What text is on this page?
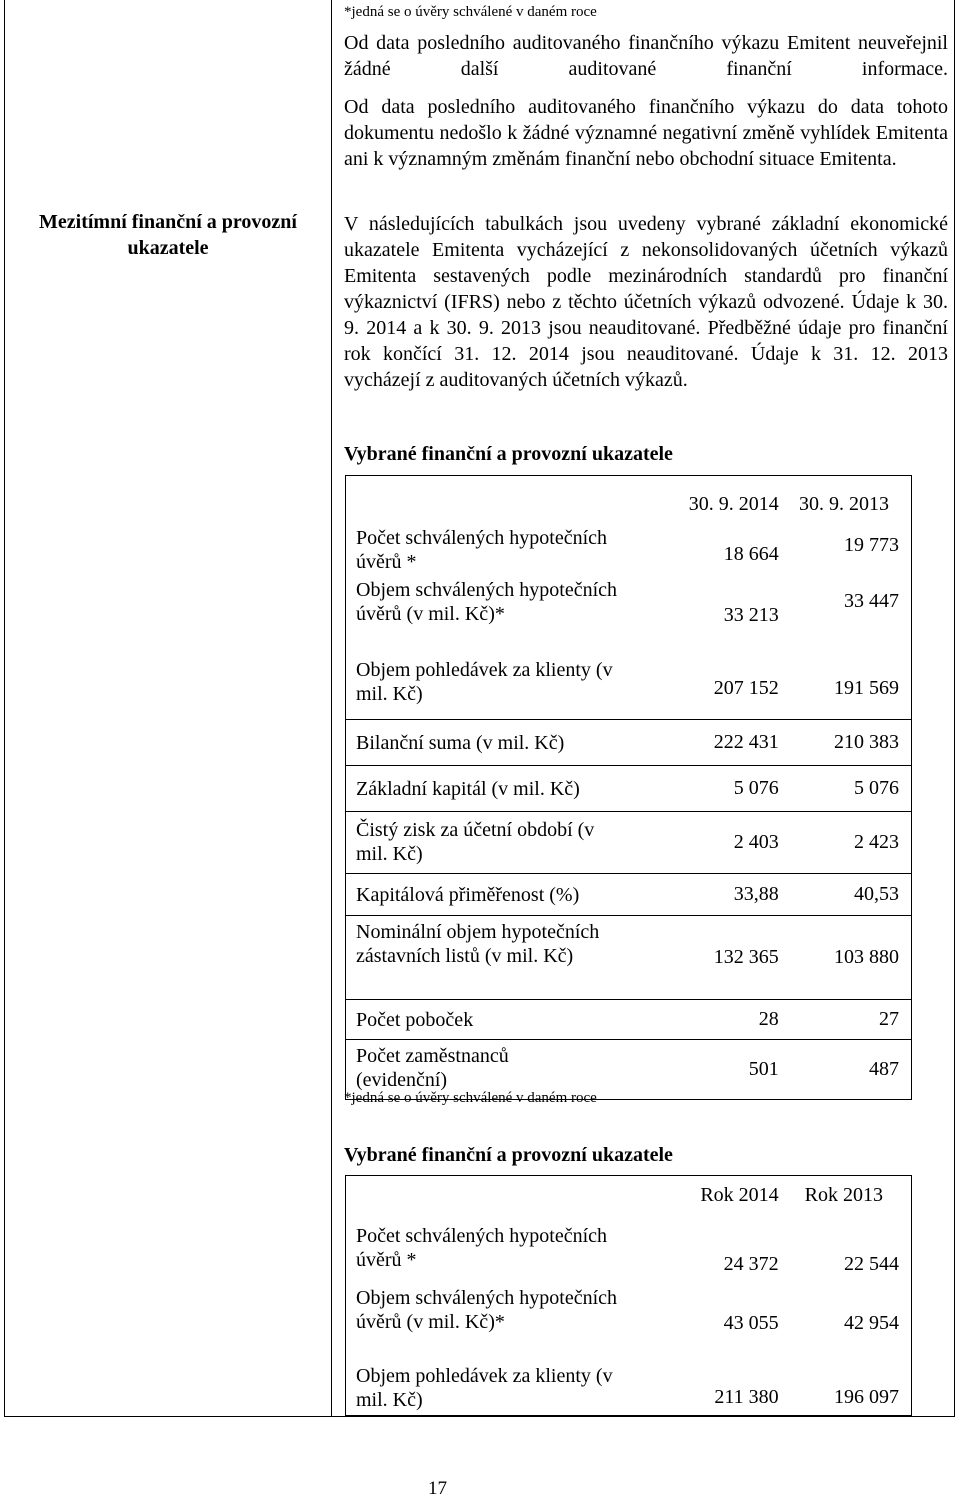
*jedná se o úvěry schválené v daném roce
Mezitímní finanční a provozní ukazatele
Od data posledního auditovaného finančního výkazu Emitent neuveřejnil žádné další auditované finanční informace.
Od data posledního auditovaného finančního výkazu do data tohoto dokumentu nedošlo k žádné významné negativní změně vyhlídek Emitenta ani k významným změnám finanční nebo obchodní situace Emitenta.
V následujících tabulkách jsou uvedeny vybrané základní ekonomické ukazatele Emitenta vycházející z nekonsolidovaných účetních výkazů Emitenta sestavených podle mezinárodních standardů pro finanční výkaznictví (IFRS) nebo z těchto účetních výkazů odvozené. Údaje k 30. 9. 2014 a k 30. 9. 2013 jsou neauditované. Předběžné údaje pro finanční rok končící 31. 12. 2014 jsou neauditované. Údaje k 31. 12. 2013 vycházejí z auditovaných účetních výkazů.
Vybrané finanční a provozní ukazatele
	30. 9. 2014	30. 9. 2013
Počet schválených hypotečních úvěrů *	18 664	19 773
Objem schválených hypotečních úvěrů (v mil. Kč)*	33 213	33 447
Objem pohledávek za klienty (v mil. Kč)	207 152	191 569
Bilanční suma (v mil. Kč)	222 431	210 383
Základní kapitál (v mil. Kč)	5 076	5 076
Čistý zisk za účetní období (v mil. Kč)	2 403	2 423
Kapitálová přiměřenost (%)	33,88	40,53
Nominální objem hypotečních zástavních listů (v mil. Kč)	132 365	103 880
Počet poboček	28	27
Počet zaměstnanců (evidenční)	501	487
*jedná se o úvěry schválené v daném roce
Vybrané finanční a provozní ukazatele
	Rok 2014	Rok 2013
Počet schválených hypotečních úvěrů *	24 372	22 544
Objem schválených hypotečních úvěrů (v mil. Kč)*	43 055	42 954
Objem pohledávek za klienty (v mil. Kč)	211 380	196 097
17
